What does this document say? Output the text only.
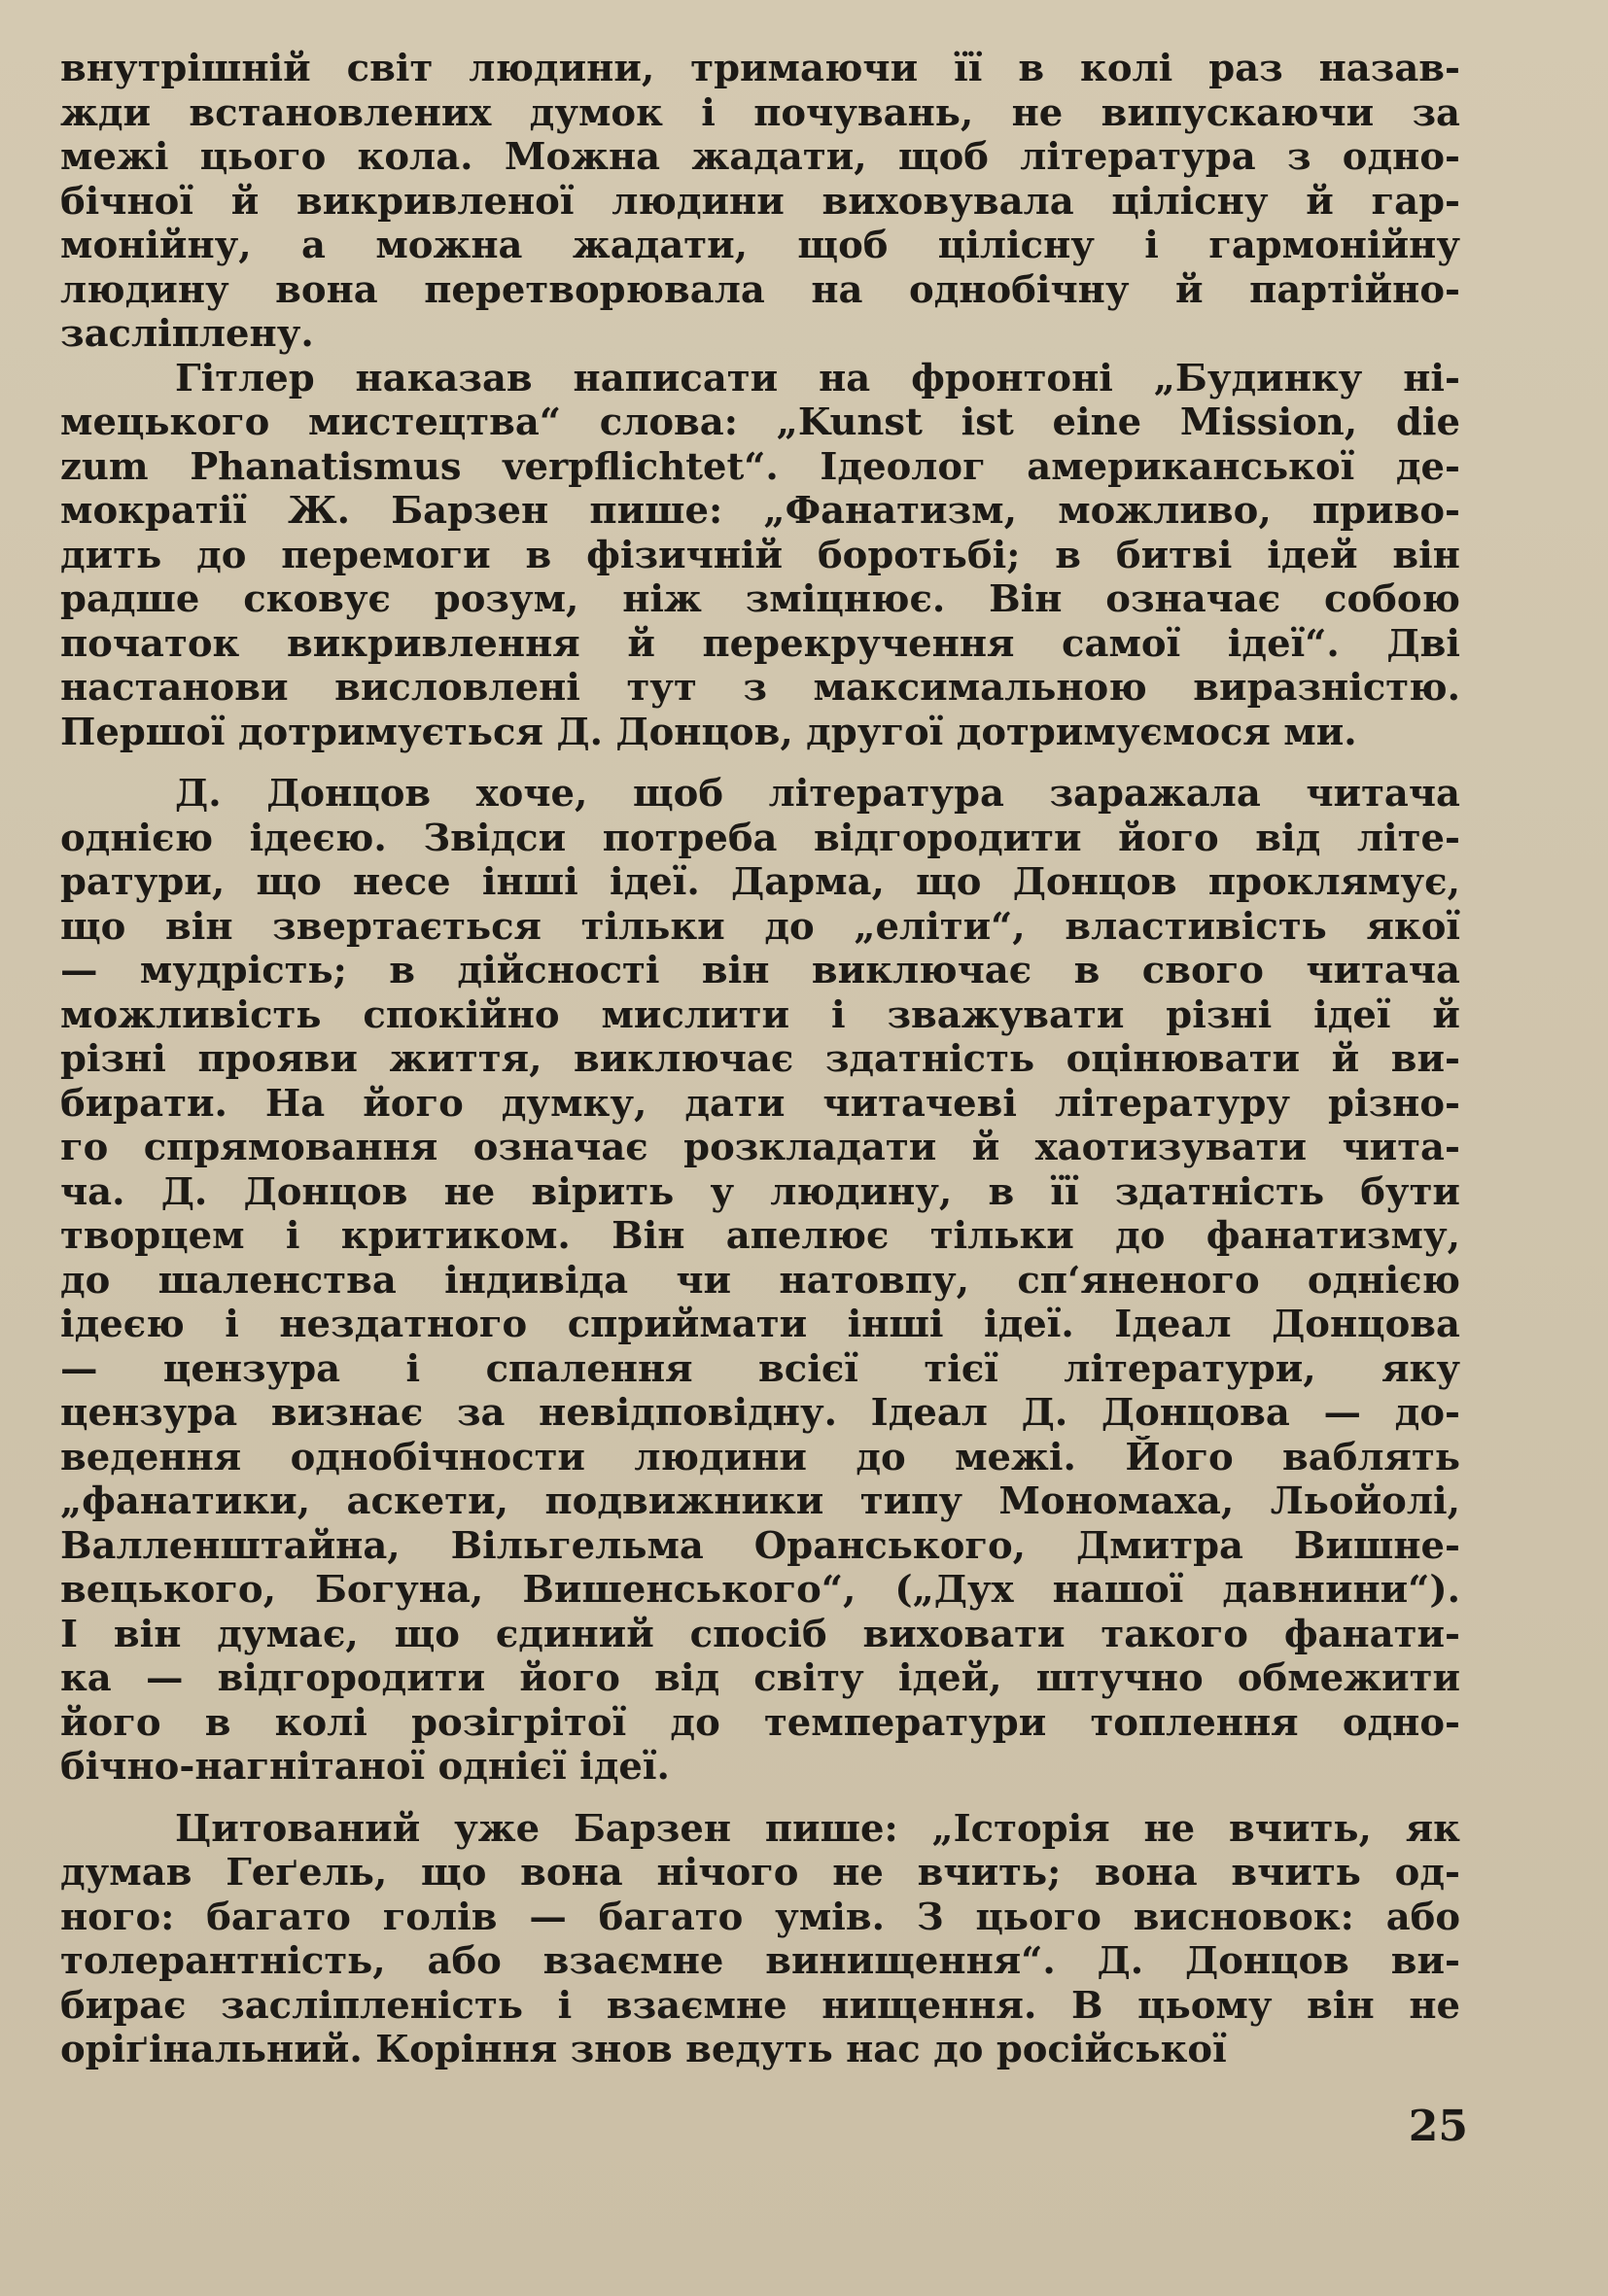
внутрішній світ людини, тримаючи її в колі раз назав-
жди встановлених думок і почувань, не випускаючи за
межі цього кола. Можна жадати, щоб література з одно-
бічної й викривленої людини виховувала цілісну й гар-
монійну, а можна жадати, щоб цілісну і гармонійну
людину вона перетворювала на однобічну й партійно-
засліплену.
Гітлер наказав написати на фронтоні „Будинку ні-
мецького мистецтва“ слова: „Kunst ist eine Mission, die
zum Phanatismus verpflichtet“. Ідеолог американської де-
мократії Ж. Барзен пише: „Фанатизм, можливо, приво-
дить до перемоги в фізичній боротьбі; в битві ідей він
радше сковує розум, ніж зміцнює. Він означає собою
початок викривлення й перекручення самої ідеї“. Дві
настанови висловлені тут з максимальною виразністю.
Першої дотримується Д. Донцов, другої дотримуємося ми.
Д. Донцов хоче, щоб література заражала читача
однією ідеєю. Звідси потреба відгородити його від літе-
ратури, що несе інші ідеї. Дарма, що Донцов проклямує,
що він звертається тільки до „еліти“, властивість якої
— мудрість; в дійсності він виключає в свого читача
можливість спокійно мислити і зважувати різні ідеї й
різні прояви життя, виключає здатність оцінювати й ви-
бирати. На його думку, дати читачеві літературу різно-
го спрямовання означає розкладати й хаотизувати чита-
ча. Д. Донцов не вірить у людину, в її здатність бути
творцем і критиком. Він апелює тільки до фанатизму,
до шаленства індивіда чи натовпу, сп‘яненого однією
ідеєю і нездатного сприймати інші ідеї. Ідеал Донцова
— цензура і спалення всієї тієї літератури, яку
цензура визнає за невідповідну. Ідеал Д. Донцова — до-
ведення однобічности людини до межі. Його ваблять
„фанатики, аскети, подвижники типу Мономаха, Льойолі,
Валленштайна, Вільгельма Оранського, Дмитра Вишне-
вецького, Богуна, Вишенського“, („Дух нашої давнини“).
І він думає, що єдиний спосіб виховати такого фанати-
ка — відгородити його від світу ідей, штучно обмежити
його в колі розігрітої до температури топлення одно-
бічно-нагнітаної однієї ідеї.
Цитований уже Барзен пише: „Історія не вчить, як
думав Геґель, що вона нічого не вчить; вона вчить од-
ного: багато голів — багато умів. З цього висновок: або
толерантність, або взаємне винищення“. Д. Донцов ви-
бирає засліпленість і взаємне нищення. В цьому він не
оріґінальний. Коріння знов ведуть нас до російської
25
